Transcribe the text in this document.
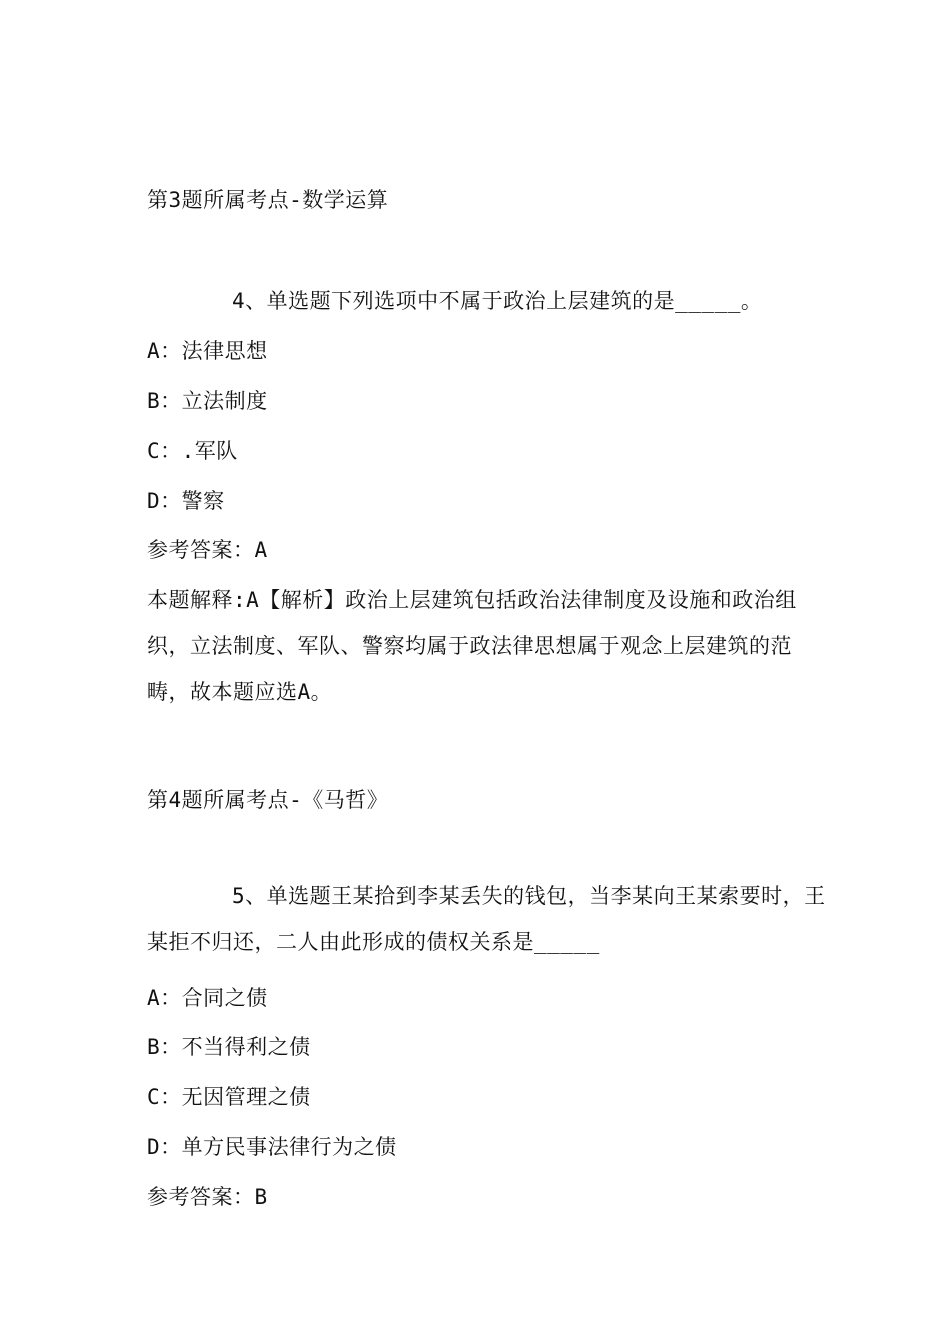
第3题所属考点-数学运算
4、单选题下列选项中不属于政治上层建筑的是_____。
A：法律思想
B：立法制度
C：.军队
D：警察
参考答案：A
本题解释:A【解析】政治上层建筑包括政治法律制度及设施和政治组织，立法制度、军队、警察均属于政法律思想属于观念上层建筑的范畴，故本题应选A。
第4题所属考点-《马哲》
5、单选题王某拾到李某丢失的钱包，当李某向王某索要时，王某拒不归还，二人由此形成的债权关系是_____
A：合同之债
B：不当得利之债
C：无因管理之债
D：单方民事法律行为之债
参考答案：B
